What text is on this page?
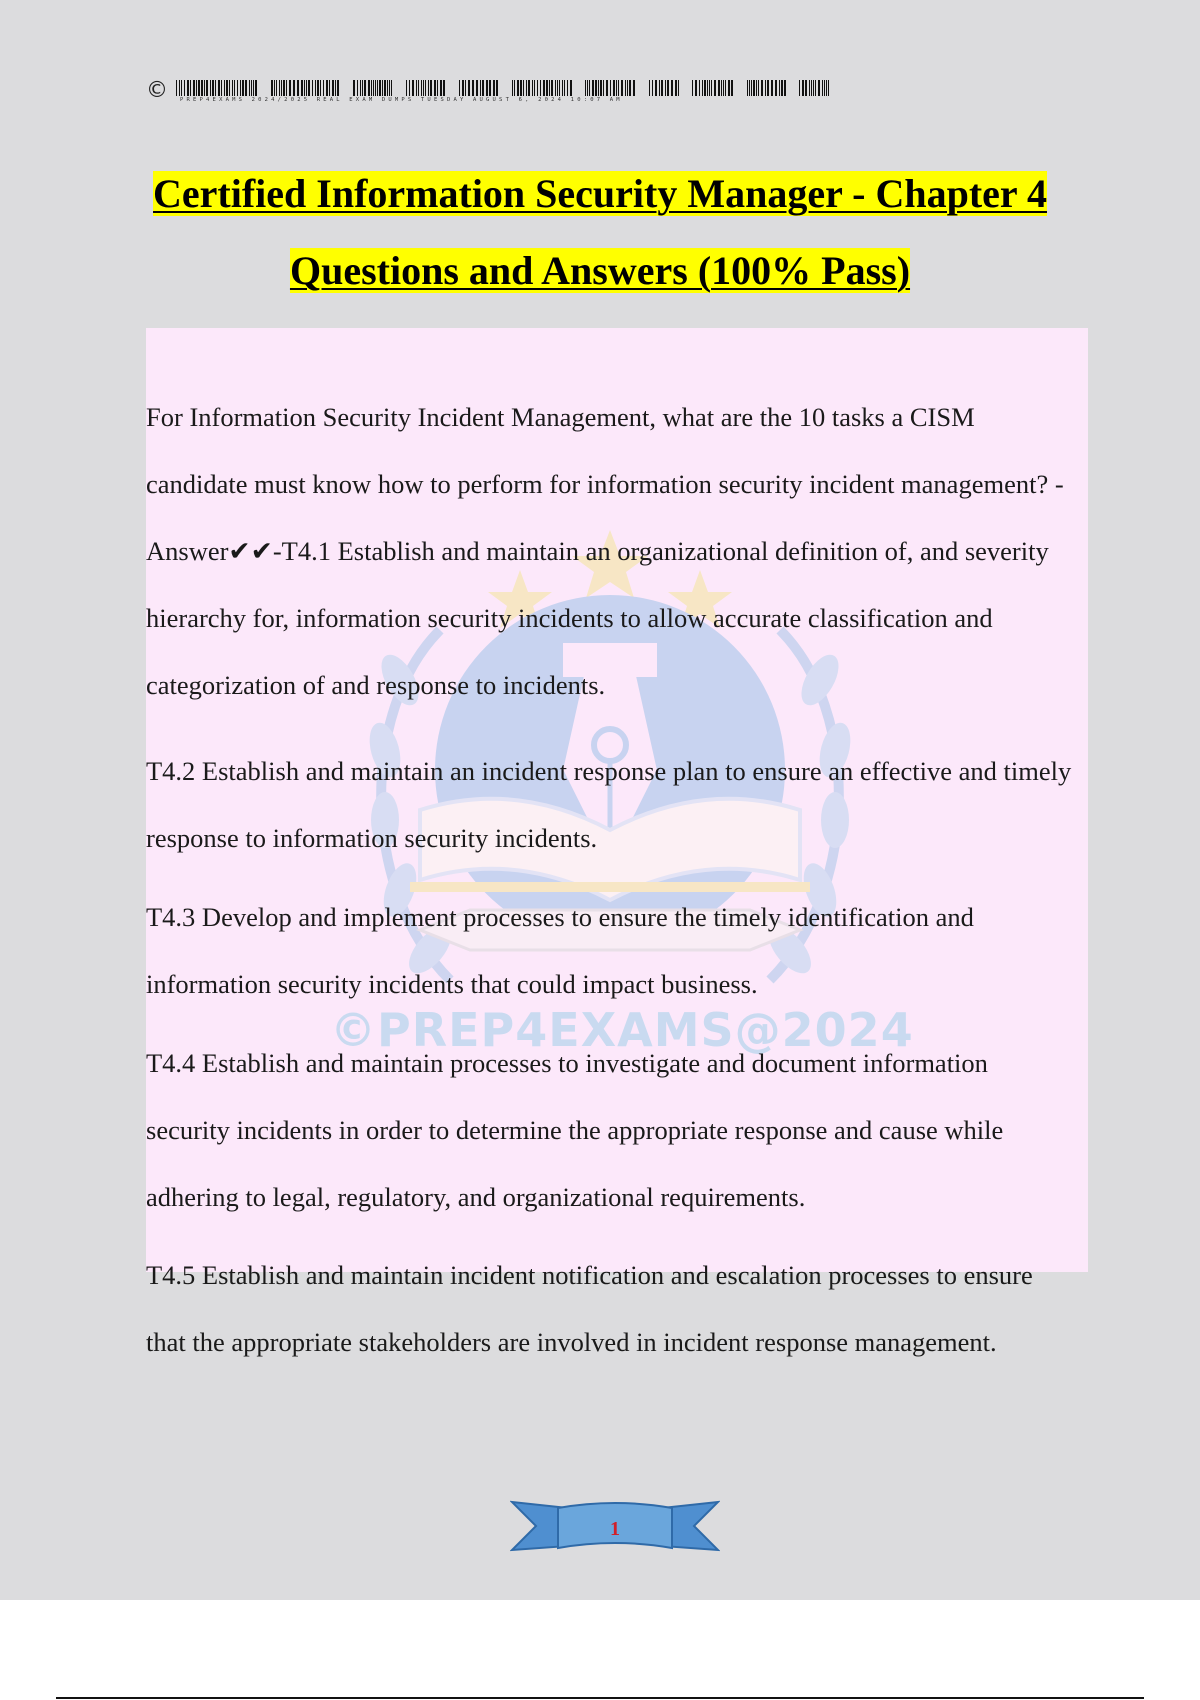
© PREP4EXAMS 2024/2025 REAL EXAM DUMPS TUESDAY AUGUST 6, 2024 10:07 AM
Certified Information Security Manager - Chapter 4
Questions and Answers (100% Pass)
©PREP4EXAMS@2024
For Information Security Incident Management, what are the 10 tasks a CISM candidate must know how to perform for information security incident management? - Answer✔✔-T4.1 Establish and maintain an organizational definition of, and severity hierarchy for, information security incidents to allow accurate classification and categorization of and response to incidents.
T4.2 Establish and maintain an incident response plan to ensure an effective and timely response to information security incidents.
T4.3 Develop and implement processes to ensure the timely identification and information security incidents that could impact business.
T4.4 Establish and maintain processes to investigate and document information security incidents in order to determine the appropriate response and cause while adhering to legal, regulatory, and organizational requirements.
T4.5 Establish and maintain incident notification and escalation processes to ensure that the appropriate stakeholders are involved in incident response management.
1
